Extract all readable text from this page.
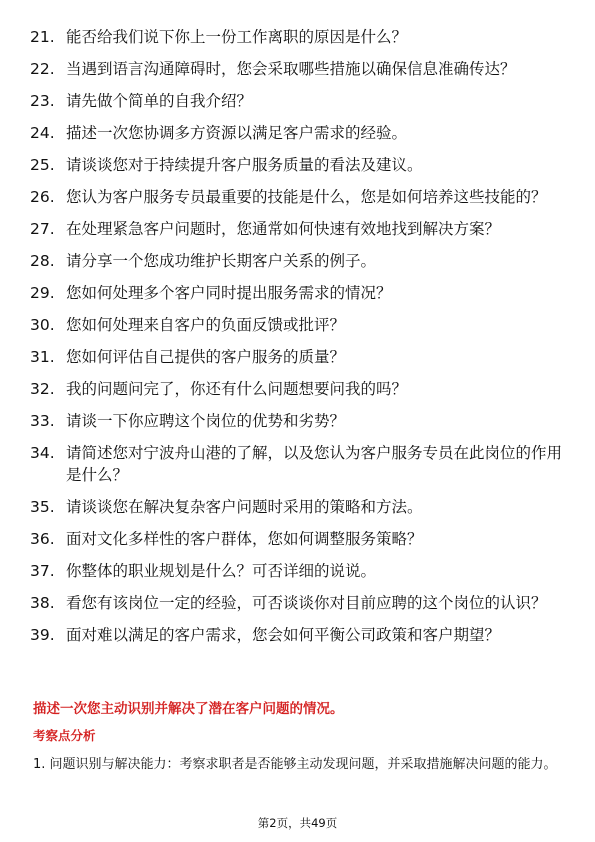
21. 能否给我们说下你上一份工作离职的原因是什么？
22. 当遇到语言沟通障碍时，您会采取哪些措施以确保信息准确传达？
23. 请先做个简单的自我介绍？
24. 描述一次您协调多方资源以满足客户需求的经验。
25. 请谈谈您对于持续提升客户服务质量的看法及建议。
26. 您认为客户服务专员最重要的技能是什么，您是如何培养这些技能的？
27. 在处理紧急客户问题时，您通常如何快速有效地找到解决方案？
28. 请分享一个您成功维护长期客户关系的例子。
29. 您如何处理多个客户同时提出服务需求的情况？
30. 您如何处理来自客户的负面反馈或批评？
31. 您如何评估自己提供的客户服务的质量？
32. 我的问题问完了，你还有什么问题想要问我的吗？
33. 请谈一下你应聘这个岗位的优势和劣势？
34. 请简述您对宁波舟山港的了解，以及您认为客户服务专员在此岗位的作用是什么？
35. 请谈谈您在解决复杂客户问题时采用的策略和方法。
36. 面对文化多样性的客户群体，您如何调整服务策略？
37. 你整体的职业规划是什么？可否详细的说说。
38. 看您有该岗位一定的经验，可否谈谈你对目前应聘的这个岗位的认识？
39. 面对难以满足的客户需求，您会如何平衡公司政策和客户期望？
描述一次您主动识别并解决了潜在客户问题的情况。
考察点分析
1. 问题识别与解决能力：考察求职者是否能够主动发现问题，并采取措施解决问题的能力。
第2页，共49页
